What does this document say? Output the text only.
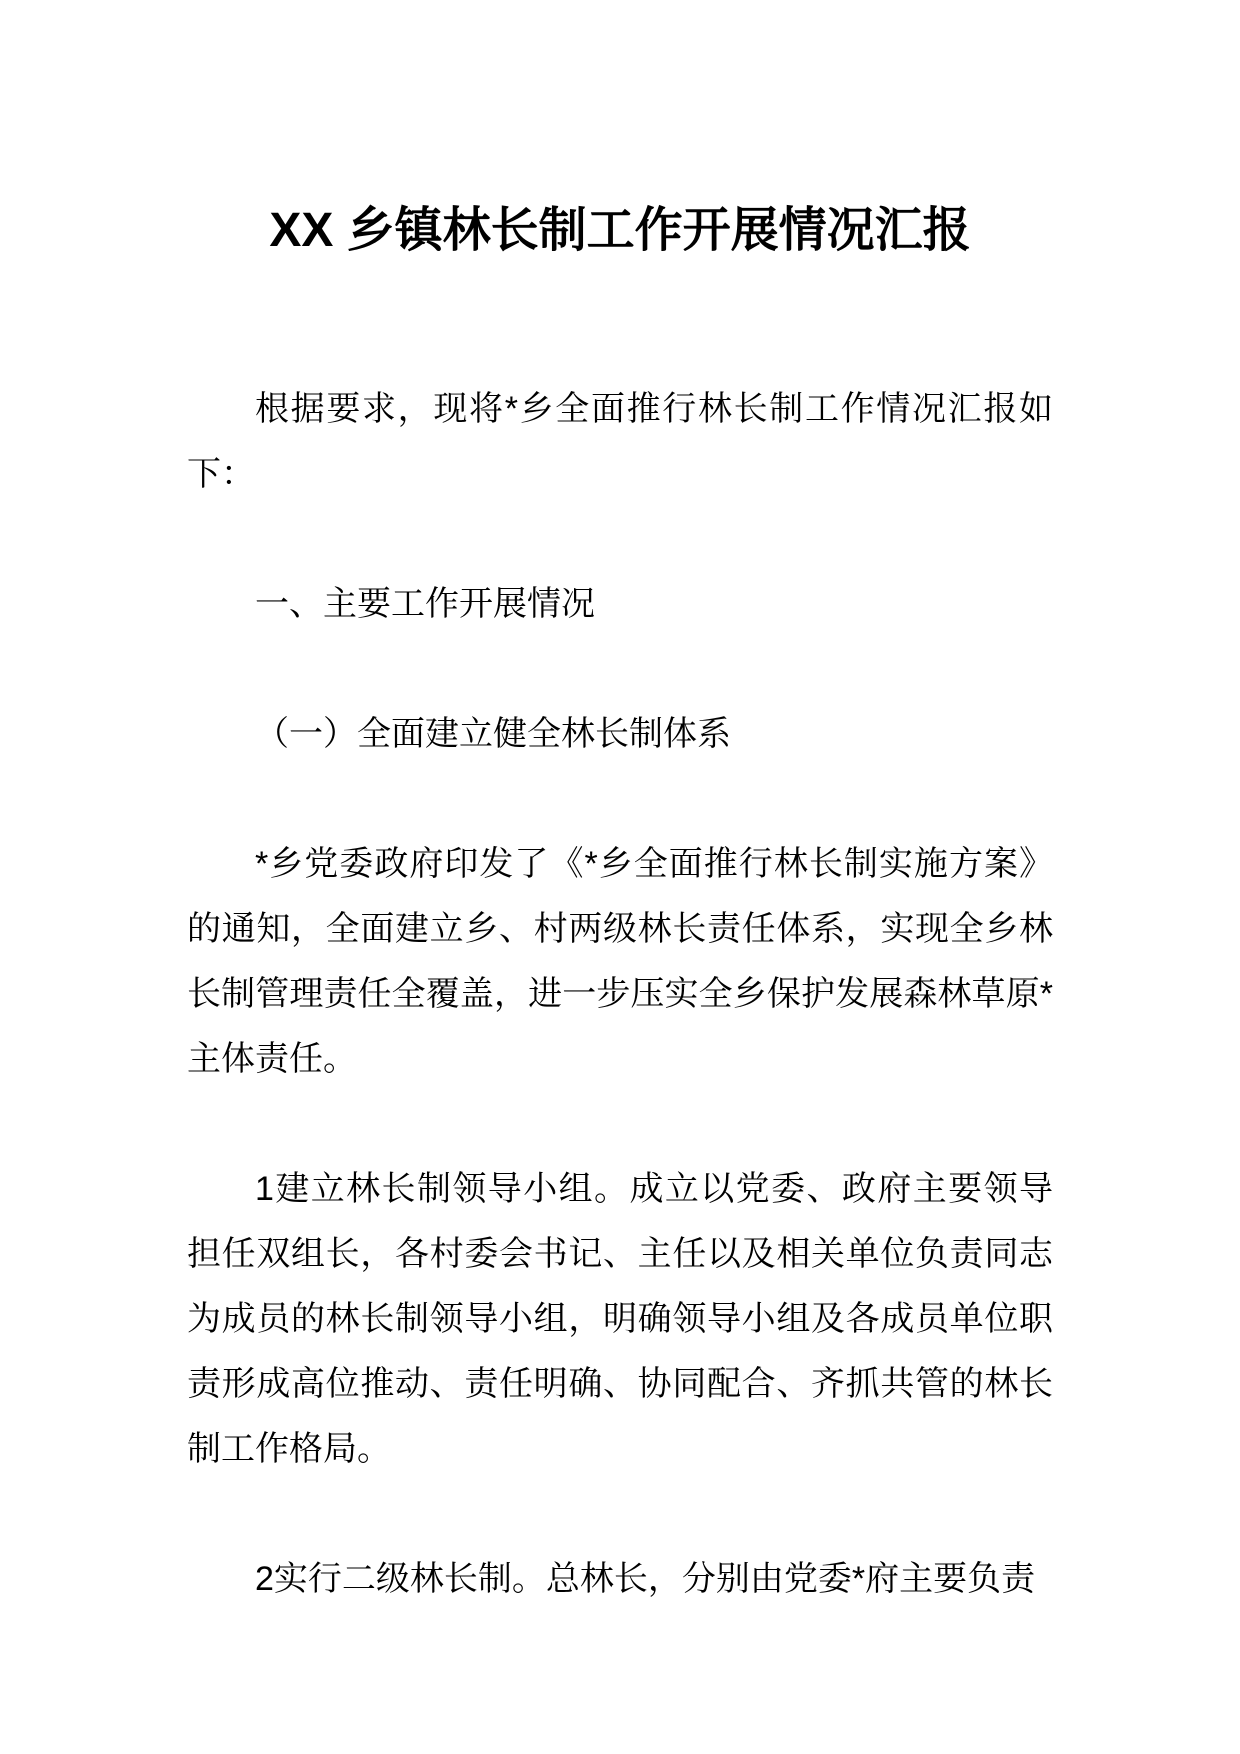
XX 乡镇林长制工作开展情况汇报

根据要求，现将*乡全面推行林长制工作情况汇报如下：

一、主要工作开展情况

（一）全面建立健全林长制体系

*乡党委政府印发了《*乡全面推行林长制实施方案》的通知，全面建立乡、村两级林长责任体系，实现全乡林长制管理责任全覆盖，进一步压实全乡保护发展森林草原*主体责任。

1建立林长制领导小组。成立以党委、政府主要领导担任双组长，各村委会书记、主任以及相关单位负责同志为成员的林长制领导小组，明确领导小组及各成员单位职责形成高位推动、责任明确、协同配合、齐抓共管的林长制工作格局。

2实行二级林长制。总林长，分别由党委*府主要负责
